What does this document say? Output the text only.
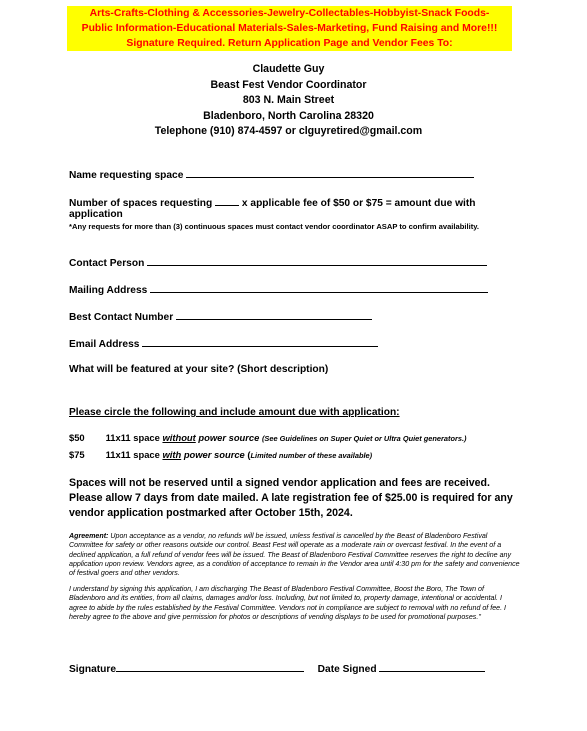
Arts-Crafts-Clothing & Accessories-Jewelry-Collectables-Hobbyist-Snack Foods-
Public Information-Educational Materials-Sales-Marketing, Fund Raising and More!!!
Signature Required. Return Application Page and Vendor Fees To:
Claudette Guy
Beast Fest Vendor Coordinator
803 N. Main Street
Bladenboro, North Carolina 28320
Telephone (910) 874-4597 or clguyretired@gmail.com
Name requesting space
Number of spaces requesting	x applicable fee of $50 or $75 = amount due with
application
*Any requests for more than (3) continuous spaces must contact vendor coordinator ASAP to confirm availability.
Contact Person
Mailing Address
Best Contact Number
Email Address
What will be featured at your site? (Short description)
Please circle the following and include amount due with application:
$50 11x11 space without power source (See Guidelines on Super Quiet or Ultra Quiet generators.)
$75 11x11 space with power source (Limited number of these available)
Spaces will not be reserved until a signed vendor application and fees are received. Please allow 7 days from date mailed. A late registration fee of $25.00 is required for any vendor application postmarked after October 15th, 2024.
Agreement: Upon acceptance as a vendor, no refunds will be issued, unless festival is cancelled by the Beast of Bladenboro Festival Committee for safety or other reasons outside our control. Beast Fest will operate as a moderate rain or overcast festival. In the event of a declined application, a full refund of vendor fees will be issued. The Beast of Bladenboro Festival Committee reserves the right to decline any application upon review. Vendors agree, as a condition of acceptance to remain in the Vendor area until 4:30 pm for the safety and convenience of festival goers and other vendors.
I understand by signing this application, I am discharging The Beast of Bladenboro Festival Committee, Boost the Boro, The Town of Bladenboro and its entities, from all claims, damages and/or loss. Including, but not limited to, property damage, intentional or accidental. I agree to abide by the rules established by the Festival Committee. Vendors not in compliance are subject to removal with no refund of fee. I hereby agree to the above and give permission for photos or descriptions of vending displays to be used for promotional purposes."
Signature	Date Signed
